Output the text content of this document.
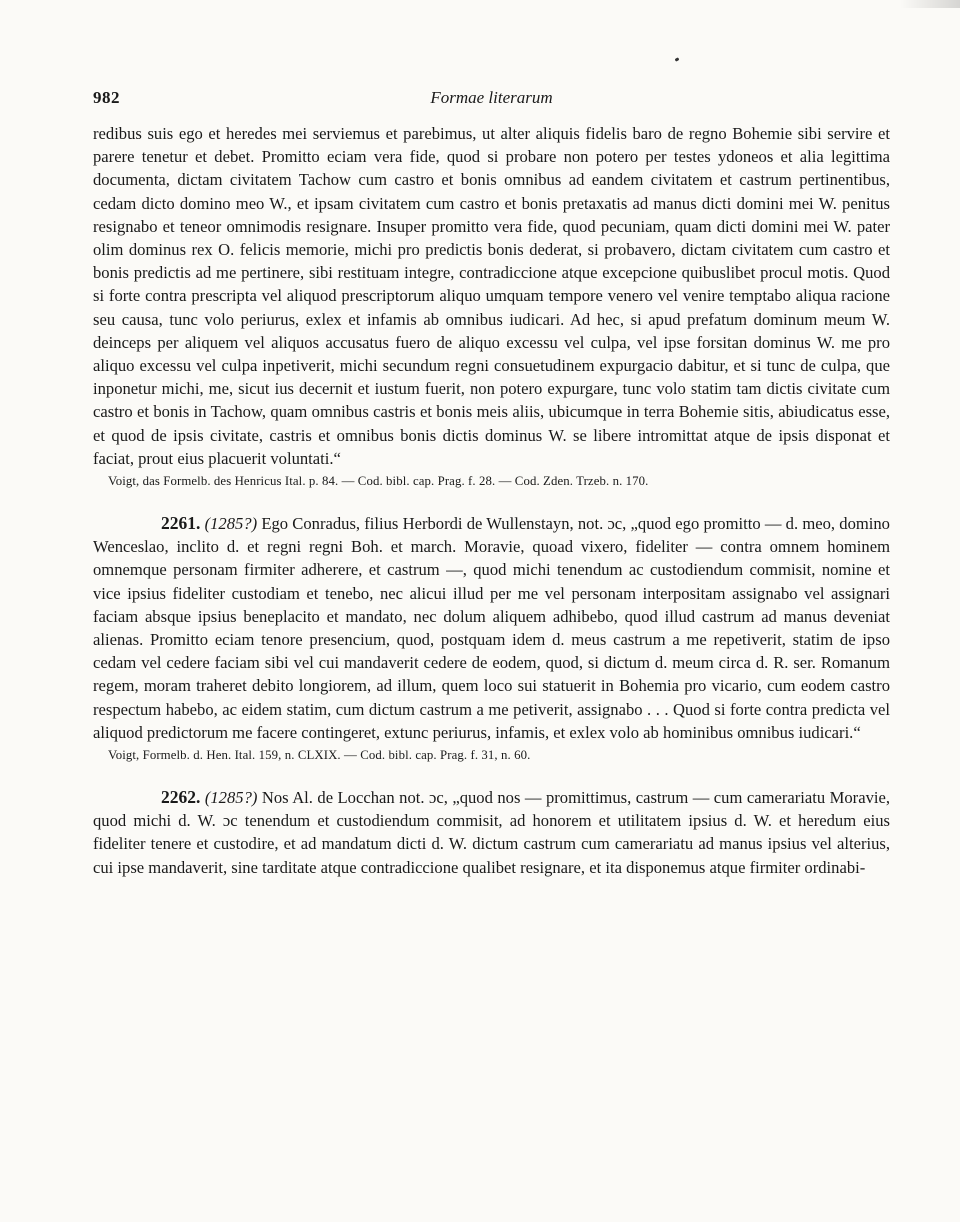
982	Formae literarum

redibus suis ego et heredes mei serviemus et parebimus, ut alter aliquis fidelis baro de regno Bohemie sibi servire et parere tenetur et debet. Promitto eciam vera fide, quod si probare non potero per testes ydoneos et alia legittima documenta, dictam civitatem Tachow cum castro et bonis omnibus ad eandem civitatem et castrum pertinentibus, cedam dicto domino meo W., et ipsam civitatem cum castro et bonis pretaxatis ad manus dicti domini mei W. penitus resignabo et teneor omnimodis resignare. Insuper promitto vera fide, quod pecuniam, quam dicti domini mei W. pater olim dominus rex O. felicis memorie, michi pro predictis bonis dederat, si probavero, dictam civitatem cum castro et bonis predictis ad me pertinere, sibi restituam integre, contradiccione atque excepcione quibuslibet procul motis. Quod si forte contra prescripta vel aliquod prescriptorum aliquo umquam tempore venero vel venire temptabo aliqua racione seu causa, tunc volo periurus, exlex et infamis ab omnibus iudicari. Ad hec, si apud prefatum dominum meum W. deinceps per aliquem vel aliquos accusatus fuero de aliquo excessu vel culpa, vel ipse forsitan dominus W. me pro aliquo excessu vel culpa inpetiverit, michi secundum regni consuetudinem expurgacio dabitur, et si tunc de culpa, que inponetur michi, me, sicut ius decernit et iustum fuerit, non potero expurgare, tunc volo statim tam dictis civitate cum castro et bonis in Tachow, quam omnibus castris et bonis meis aliis, ubicumque in terra Bohemie sitis, abiudicatus esse, et quod de ipsis civitate, castris et omnibus bonis dictis dominus W. se libere intromittat atque de ipsis disponat et faciat, prout eius placuerit voluntati.“

Voigt, das Formelb. des Henricus Ital. p. 84. — Cod. bibl. cap. Prag. f. 28. — Cod. Zden. Trzeb. n. 170.

2261. (1285?) Ego Conradus, filius Herbordi de Wullenstayn, not. ɔc, „quod ego promitto — d. meo, domino Wenceslao, inclito d. et regni regni Boh. et march. Moravie, quoad vixero, fideliter — contra omnem hominem omnemque personam firmiter adherere, et castrum —, quod michi tenendum ac custodiendum commisit, nomine et vice ipsius fideliter custodiam et tenebo, nec alicui illud per me vel personam interpositam assignabo vel assignari faciam absque ipsius beneplacito et mandato, nec dolum aliquem adhibebo, quod illud castrum ad manus deveniat alienas. Promitto eciam tenore presencium, quod, postquam idem d. meus castrum a me repetiverit, statim de ipso cedam vel cedere faciam sibi vel cui mandaverit cedere de eodem, quod, si dictum d. meum circa d. R. ser. Romanum regem, moram traheret debito longiorem, ad illum, quem loco sui statuerit in Bohemia pro vicario, cum eodem castro respectum habebo, ac eidem statim, cum dictum castrum a me petiverit, assignabo . . . Quod si forte contra predicta vel aliquod predictorum me facere contingeret, extunc periurus, infamis, et exlex volo ab hominibus omnibus iudicari.“

Voigt, Formelb. d. Hen. Ital. 159, n. CLXIX. — Cod. bibl. cap. Prag. f. 31, n. 60.

2262. (1285?) Nos Al. de Locchan not. ɔc, „quod nos — promittimus, castrum — cum camerariatu Moravie, quod michi d. W. ɔc tenendum et custodiendum commisit, ad honorem et utilitatem ipsius d. W. et heredum eius fideliter tenere et custodire, et ad mandatum dicti d. W. dictum castrum cum camerariatu ad manus ipsius vel alterius, cui ipse mandaverit, sine tarditate atque contradiccione qualibet resignare, et ita disponemus atque firmiter ordinabi-
